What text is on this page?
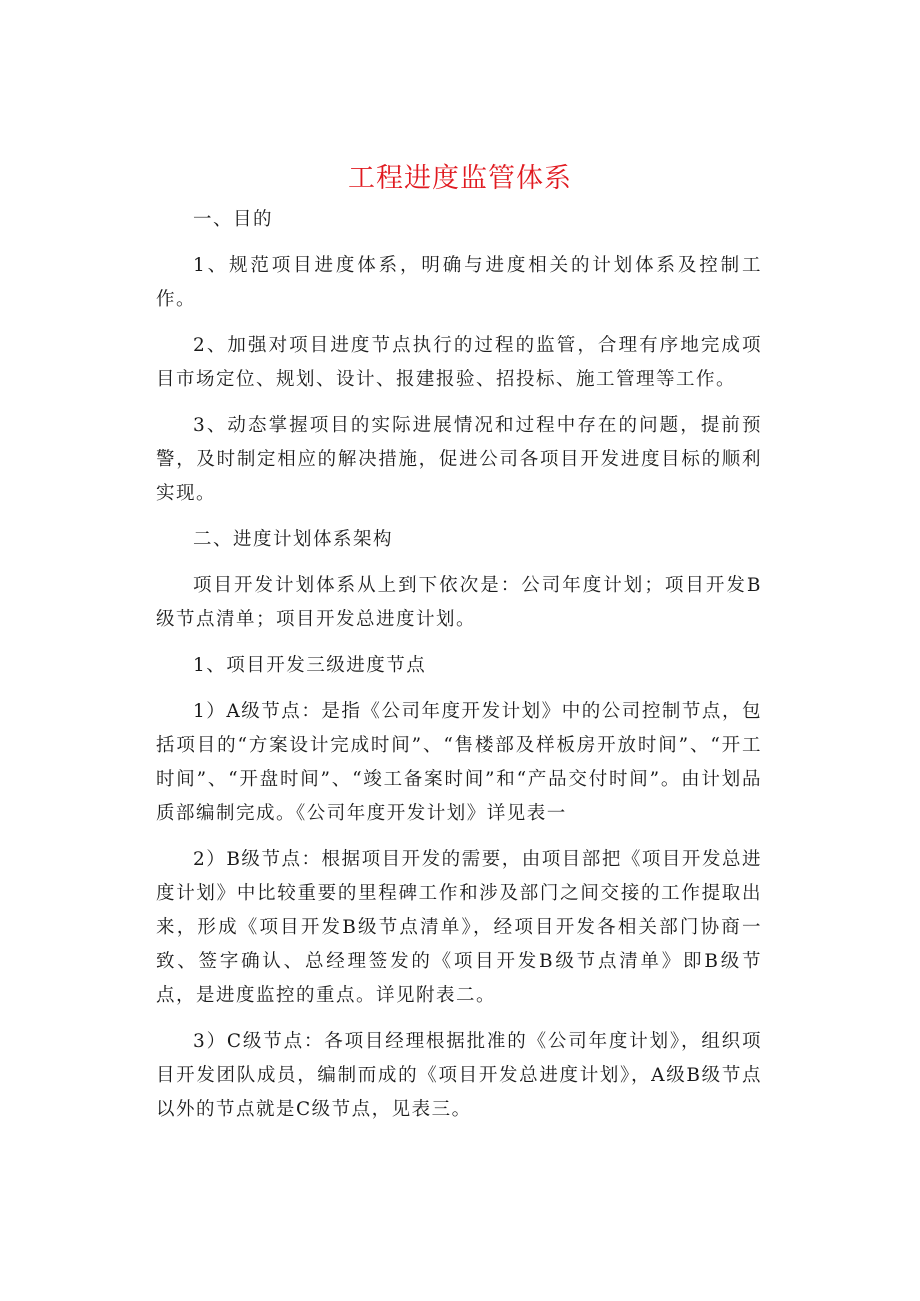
工程进度监管体系

一、目的

1、规范项目进度体系，明确与进度相关的计划体系及控制工作。

2、加强对项目进度节点执行的过程的监管，合理有序地完成项目市场定位、规划、设计、报建报验、招投标、施工管理等工作。

3、动态掌握项目的实际进展情况和过程中存在的问题，提前预警，及时制定相应的解决措施，促进公司各项目开发进度目标的顺利实现。

二、进度计划体系架构

项目开发计划体系从上到下依次是：公司年度计划；项目开发B级节点清单；项目开发总进度计划。

1、项目开发三级进度节点

1）A级节点：是指《公司年度开发计划》中的公司控制节点，包括项目的“方案设计完成时间”、“售楼部及样板房开放时间”、“开工时间”、“开盘时间”、“竣工备案时间”和“产品交付时间”。由计划品质部编制完成。《公司年度开发计划》详见表一

2）B级节点：根据项目开发的需要，由项目部把《项目开发总进度计划》中比较重要的里程碑工作和涉及部门之间交接的工作提取出来，形成《项目开发B级节点清单》，经项目开发各相关部门协商一致、签字确认、总经理签发的《项目开发B级节点清单》即B级节点，是进度监控的重点。详见附表二。

3）C级节点：各项目经理根据批准的《公司年度计划》，组织项目开发团队成员，编制而成的《项目开发总进度计划》，A级B级节点以外的节点就是C级节点，见表三。
